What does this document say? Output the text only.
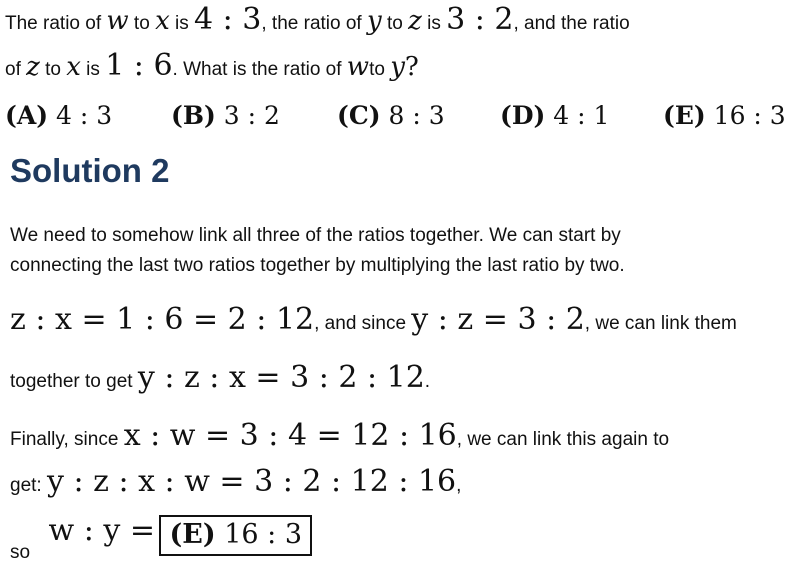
The ratio of w to x is 4 : 3, the ratio of y to z is 3 : 2, and the ratio
of z to x is 1 : 6. What is the ratio of wto y?
(A) 4 : 3 (B) 3 : 2 (C) 8 : 3 (D) 4 : 1 (E) 16 : 3
Solution 2
We need to somehow link all three of the ratios together. We can start by
connecting the last two ratios together by multiplying the last ratio by two.
z : x = 1 : 6 = 2 : 12, and since y : z = 3 : 2, we can link them
together to get y : z : x = 3 : 2 : 12.
Finally, since x : w = 3 : 4 = 12 : 16, we can link this again to
get: y : z : x : w = 3 : 2 : 12 : 16,
so w : y = (E) 16 : 3
